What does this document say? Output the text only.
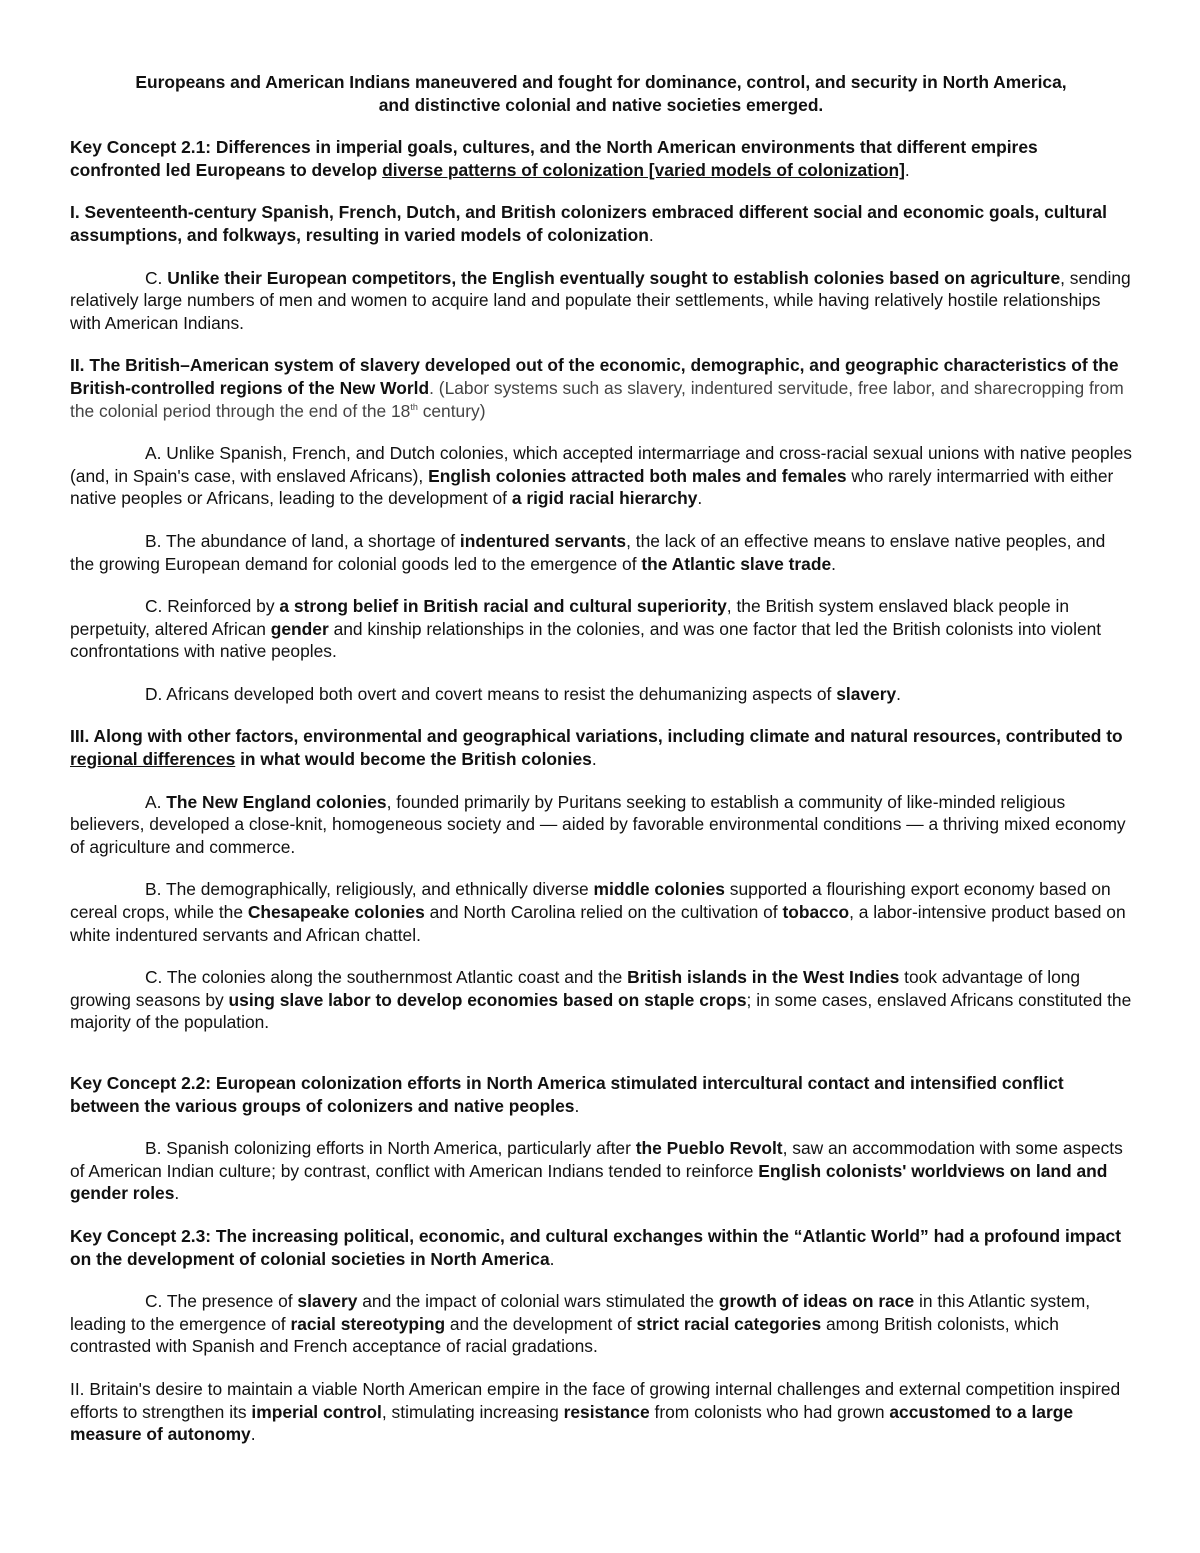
Europeans and American Indians maneuvered and fought for dominance, control, and security in North America,
and distinctive colonial and native societies emerged.

Key Concept 2.1: Differences in imperial goals, cultures, and the North American environments that different empires confronted led Europeans to develop diverse patterns of colonization [varied models of colonization].

I. Seventeenth-century Spanish, French, Dutch, and British colonizers embraced different social and economic goals, cultural assumptions, and folkways, resulting in varied models of colonization.

C. Unlike their European competitors, the English eventually sought to establish colonies based on agriculture, sending relatively large numbers of men and women to acquire land and populate their settlements, while having relatively hostile relationships with American Indians.

II. The British–American system of slavery developed out of the economic, demographic, and geographic characteristics of the British-controlled regions of the New World. (Labor systems such as slavery, indentured servitude, free labor, and sharecropping from the colonial period through the end of the 18th century)

A. Unlike Spanish, French, and Dutch colonies, which accepted intermarriage and cross-racial sexual unions with native peoples (and, in Spain's case, with enslaved Africans), English colonies attracted both males and females who rarely intermarried with either native peoples or Africans, leading to the development of a rigid racial hierarchy.

B. The abundance of land, a shortage of indentured servants, the lack of an effective means to enslave native peoples, and the growing European demand for colonial goods led to the emergence of the Atlantic slave trade.

C. Reinforced by a strong belief in British racial and cultural superiority, the British system enslaved black people in perpetuity, altered African gender and kinship relationships in the colonies, and was one factor that led the British colonists into violent confrontations with native peoples.

D. Africans developed both overt and covert means to resist the dehumanizing aspects of slavery.

III. Along with other factors, environmental and geographical variations, including climate and natural resources, contributed to regional differences in what would become the British colonies.

A. The New England colonies, founded primarily by Puritans seeking to establish a community of like-minded religious believers, developed a close-knit, homogeneous society and — aided by favorable environmental conditions — a thriving mixed economy of agriculture and commerce.

B. The demographically, religiously, and ethnically diverse middle colonies supported a flourishing export economy based on cereal crops, while the Chesapeake colonies and North Carolina relied on the cultivation of tobacco, a labor-intensive product based on white indentured servants and African chattel.

C. The colonies along the southernmost Atlantic coast and the British islands in the West Indies took advantage of long growing seasons by using slave labor to develop economies based on staple crops; in some cases, enslaved Africans constituted the majority of the population.

Key Concept 2.2: European colonization efforts in North America stimulated intercultural contact and intensified conflict between the various groups of colonizers and native peoples.

B. Spanish colonizing efforts in North America, particularly after the Pueblo Revolt, saw an accommodation with some aspects of American Indian culture; by contrast, conflict with American Indians tended to reinforce English colonists' worldviews on land and gender roles.

Key Concept 2.3: The increasing political, economic, and cultural exchanges within the “Atlantic World” had a profound impact on the development of colonial societies in North America.

C. The presence of slavery and the impact of colonial wars stimulated the growth of ideas on race in this Atlantic system, leading to the emergence of racial stereotyping and the development of strict racial categories among British colonists, which contrasted with Spanish and French acceptance of racial gradations.

II. Britain's desire to maintain a viable North American empire in the face of growing internal challenges and external competition inspired efforts to strengthen its imperial control, stimulating increasing resistance from colonists who had grown accustomed to a large measure of autonomy.
